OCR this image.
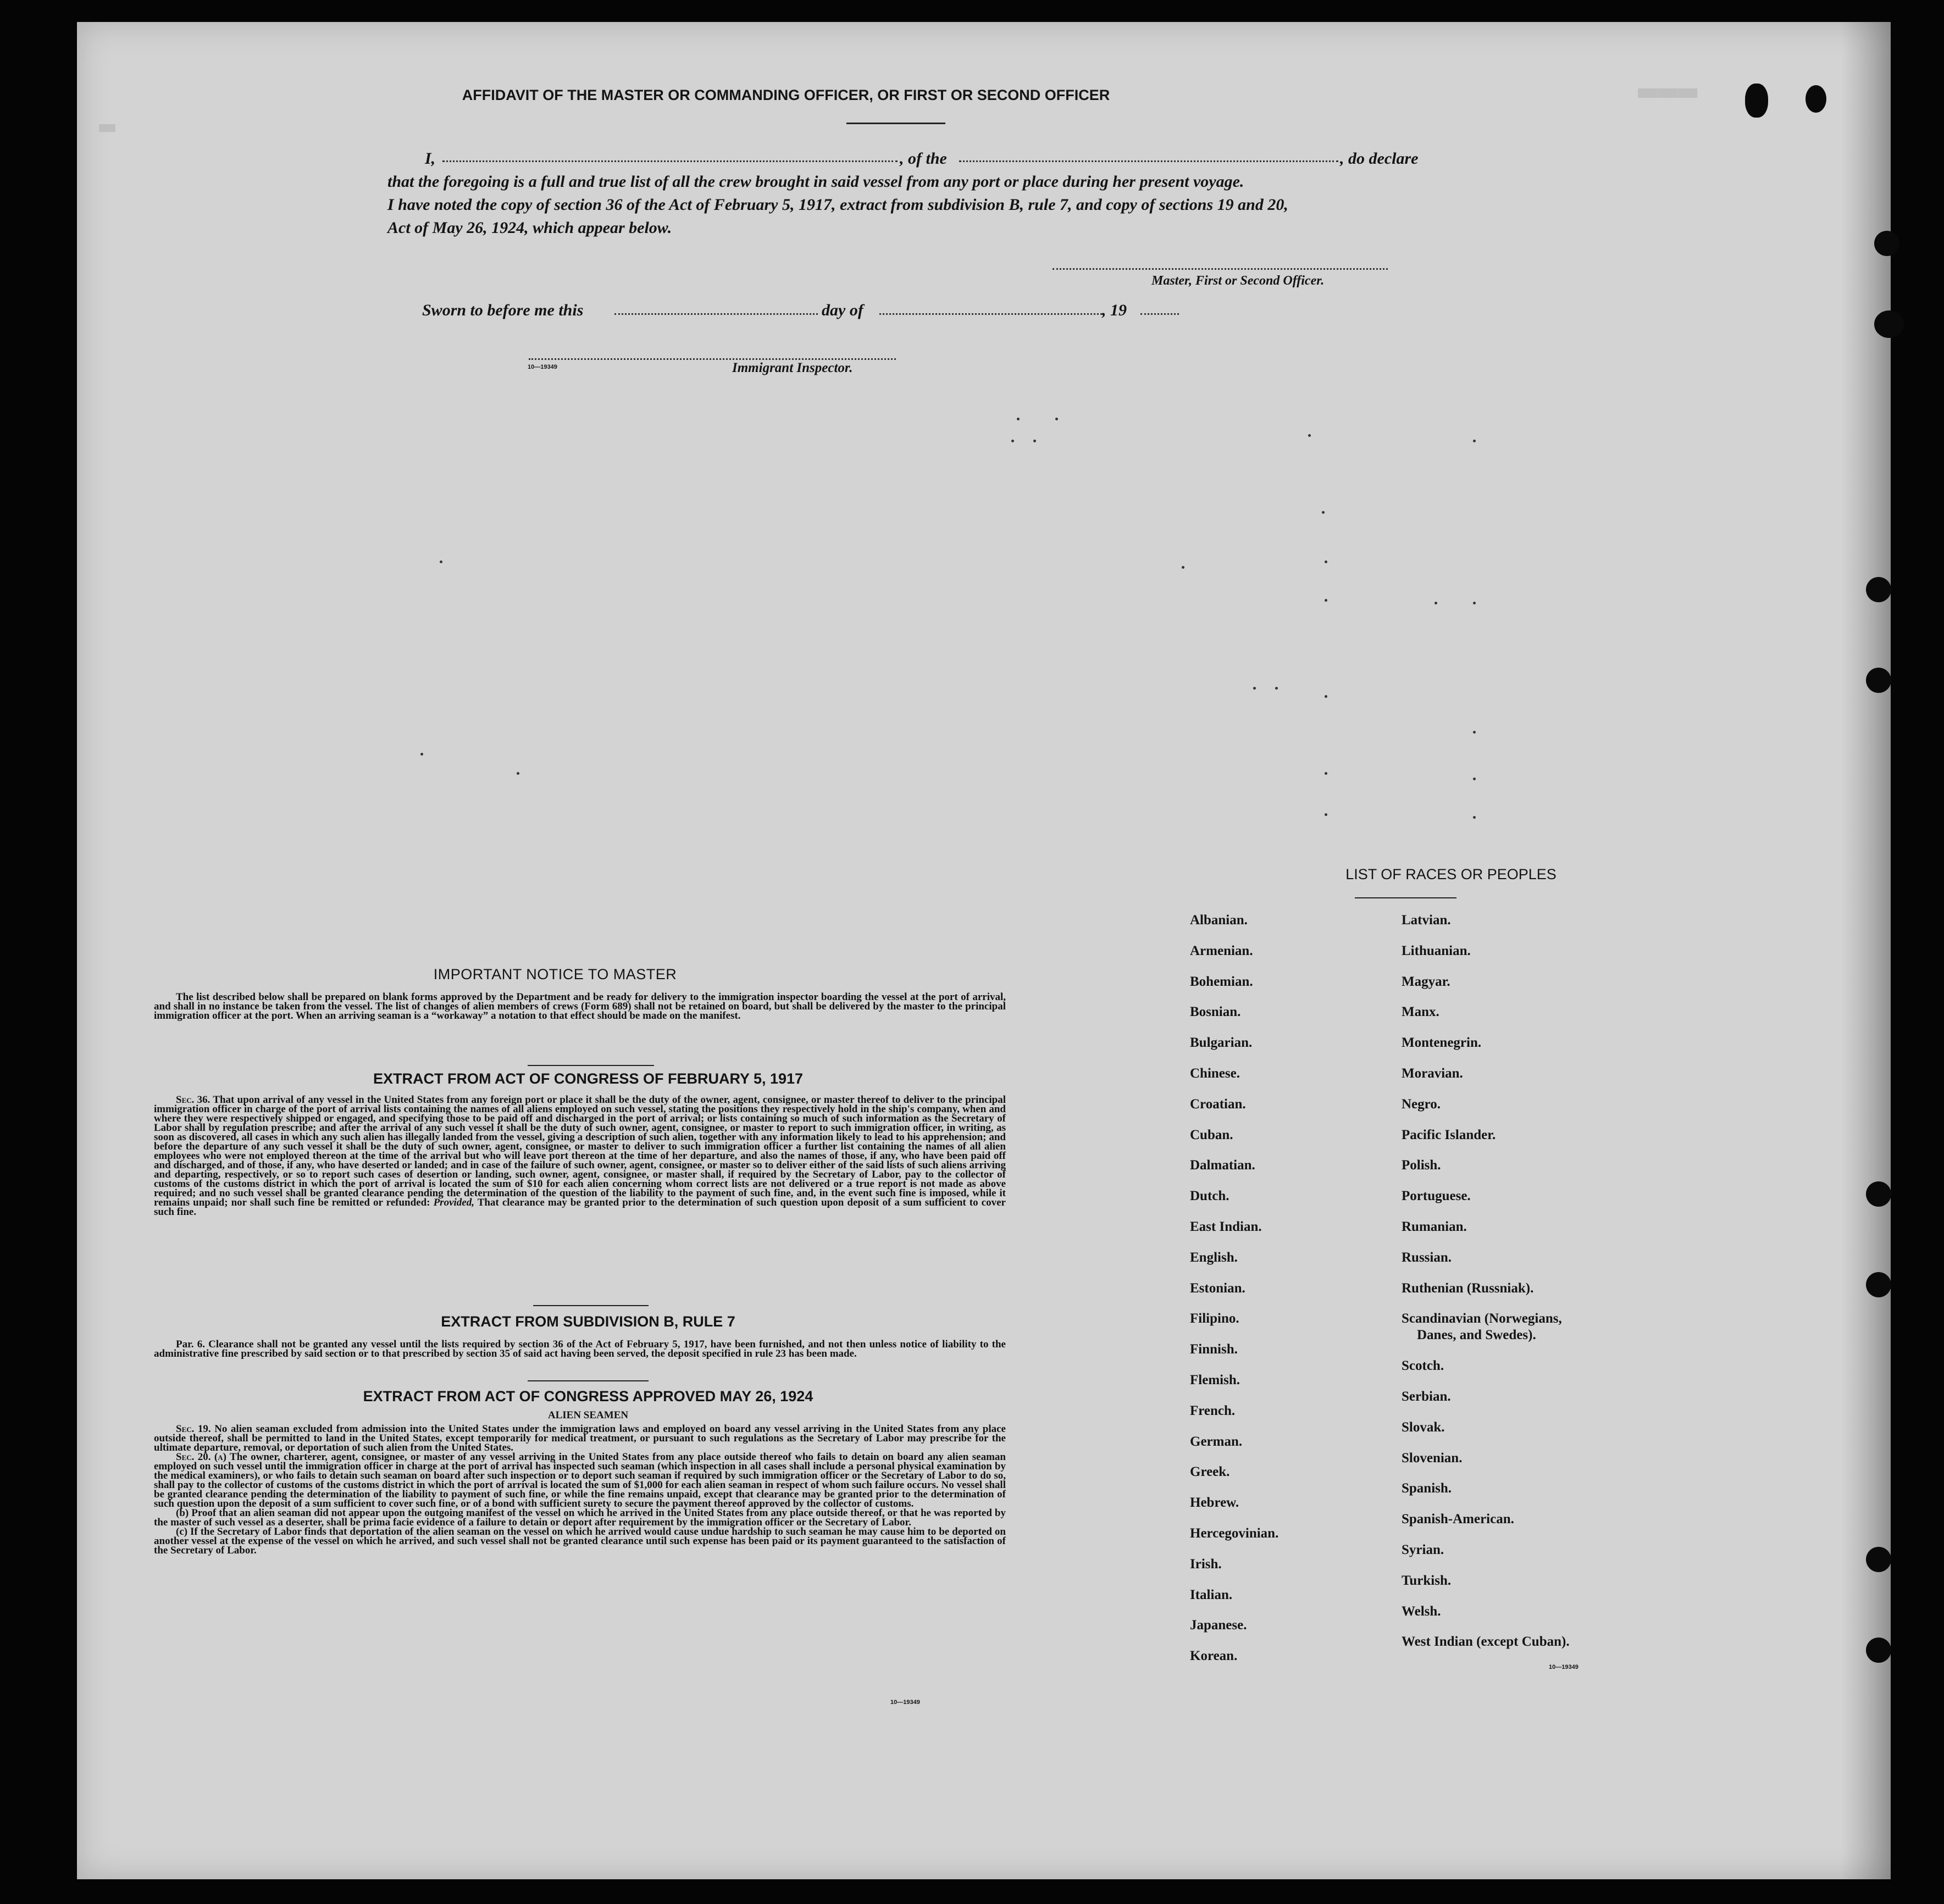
▬▬▬
▬
AFFIDAVIT OF THE MASTER OR COMMANDING OFFICER, OR FIRST OR SECOND OFFICER
I,	, of the	, do declare
that the foregoing is a full and true list of all the crew brought in said vessel from any port or place during her present voyage.
I have noted the copy of section 36 of the Act of February 5, 1917, extract from subdivision B, rule 7, and copy of sections 19 and 20,
Act of May 26, 1924, which appear below.
Master, First or Second Officer.
Sworn to before me this	day of	, 19
10—19349	Immigrant Inspector.
IMPORTANT NOTICE TO MASTER
The list described below shall be prepared on blank forms approved by the Department and be ready for delivery to the immigration inspector boarding the vessel at the port of arrival, and shall in no instance be taken from the vessel. The list of changes of alien members of crews (Form 689) shall not be retained on board, but shall be delivered by the master to the principal immigration officer at the port. When an arriving seaman is a “workaway” a notation to that effect should be made on the manifest.
EXTRACT FROM ACT OF CONGRESS OF FEBRUARY 5, 1917
Sec. 36. That upon arrival of any vessel in the United States from any foreign port or place it shall be the duty of the owner, agent, consignee, or master thereof to deliver to the principal immigration officer in charge of the port of arrival lists containing the names of all aliens employed on such vessel, stating the positions they respectively hold in the ship's company, when and where they were respectively shipped or engaged, and specifying those to be paid off and discharged in the port of arrival; or lists containing so much of such information as the Secretary of Labor shall by regulation prescribe; and after the arrival of any such vessel it shall be the duty of such owner, agent, consignee, or master to report to such immigration officer, in writing, as soon as discovered, all cases in which any such alien has illegally landed from the vessel, giving a description of such alien, together with any information likely to lead to his apprehension; and before the departure of any such vessel it shall be the duty of such owner, agent, consignee, or master to deliver to such immigration officer a further list containing the names of all alien employees who were not employed thereon at the time of the arrival but who will leave port thereon at the time of her departure, and also the names of those, if any, who have been paid off and discharged, and of those, if any, who have deserted or landed; and in case of the failure of such owner, agent, consignee, or master so to deliver either of the said lists of such aliens arriving and departing, respectively, or so to report such cases of desertion or landing, such owner, agent, consignee, or master shall, if required by the Secretary of Labor, pay to the collector of customs of the customs district in which the port of arrival is located the sum of $10 for each alien concerning whom correct lists are not delivered or a true report is not made as above required; and no such vessel shall be granted clearance pending the determination of the question of the liability to the payment of such fine, and, in the event such fine is imposed, while it remains unpaid; nor shall such fine be remitted or refunded: Provided, That clearance may be granted prior to the determination of such question upon deposit of a sum sufficient to cover such fine.
EXTRACT FROM SUBDIVISION B, RULE 7
Par. 6. Clearance shall not be granted any vessel until the lists required by section 36 of the Act of February 5, 1917, have been furnished, and not then unless notice of liability to the administrative fine prescribed by said section or to that prescribed by section 35 of said act having been served, the deposit specified in rule 23 has been made.
EXTRACT FROM ACT OF CONGRESS APPROVED MAY 26, 1924
ALIEN SEAMEN
Sec. 19. No alien seaman excluded from admission into the United States under the immigration laws and employed on board any vessel arriving in the United States from any place outside thereof, shall be permitted to land in the United States, except temporarily for medical treatment, or pursuant to such regulations as the Secretary of Labor may prescribe for the ultimate departure, removal, or deportation of such alien from the United States.
Sec. 20. (a) The owner, charterer, agent, consignee, or master of any vessel arriving in the United States from any place outside thereof who fails to detain on board any alien seaman employed on such vessel until the immigration officer in charge at the port of arrival has inspected such seaman (which inspection in all cases shall include a personal physical examination by the medical examiners), or who fails to detain such seaman on board after such inspection or to deport such seaman if required by such immigration officer or the Secretary of Labor to do so, shall pay to the collector of customs of the customs district in which the port of arrival is located the sum of $1,000 for each alien seaman in respect of whom such failure occurs. No vessel shall be granted clearance pending the determination of the liability to payment of such fine, or while the fine remains unpaid, except that clearance may be granted prior to the determination of such question upon the deposit of a sum sufficient to cover such fine, or of a bond with sufficient surety to secure the payment thereof approved by the collector of customs.
(b) Proof that an alien seaman did not appear upon the outgoing manifest of the vessel on which he arrived in the United States from any place outside thereof, or that he was reported by the master of such vessel as a deserter, shall be prima facie evidence of a failure to detain or deport after requirement by the immigration officer or the Secretary of Labor.
(c) If the Secretary of Labor finds that deportation of the alien seaman on the vessel on which he arrived would cause undue hardship to such seaman he may cause him to be deported on another vessel at the expense of the vessel on which he arrived, and such vessel shall not be granted clearance until such expense has been paid or its payment guaranteed to the satisfaction of the Secretary of Labor.
10—19349
LIST OF RACES OR PEOPLES
Albanian.
Armenian.
Bohemian.
Bosnian.
Bulgarian.
Chinese.
Croatian.
Cuban.
Dalmatian.
Dutch.
East Indian.
English.
Estonian.
Filipino.
Finnish.
Flemish.
French.
German.
Greek.
Hebrew.
Hercegovinian.
Irish.
Italian.
Japanese.
Korean.
Latvian.
Lithuanian.
Magyar.
Manx.
Montenegrin.
Moravian.
Negro.
Pacific Islander.
Polish.
Portuguese.
Rumanian.
Russian.
Ruthenian (Russniak).
Scandinavian (Norwegians,
Danes, and Swedes).
Scotch.
Serbian.
Slovak.
Slovenian.
Spanish.
Spanish-American.
Syrian.
Turkish.
Welsh.
West Indian (except Cuban).
10—19349
